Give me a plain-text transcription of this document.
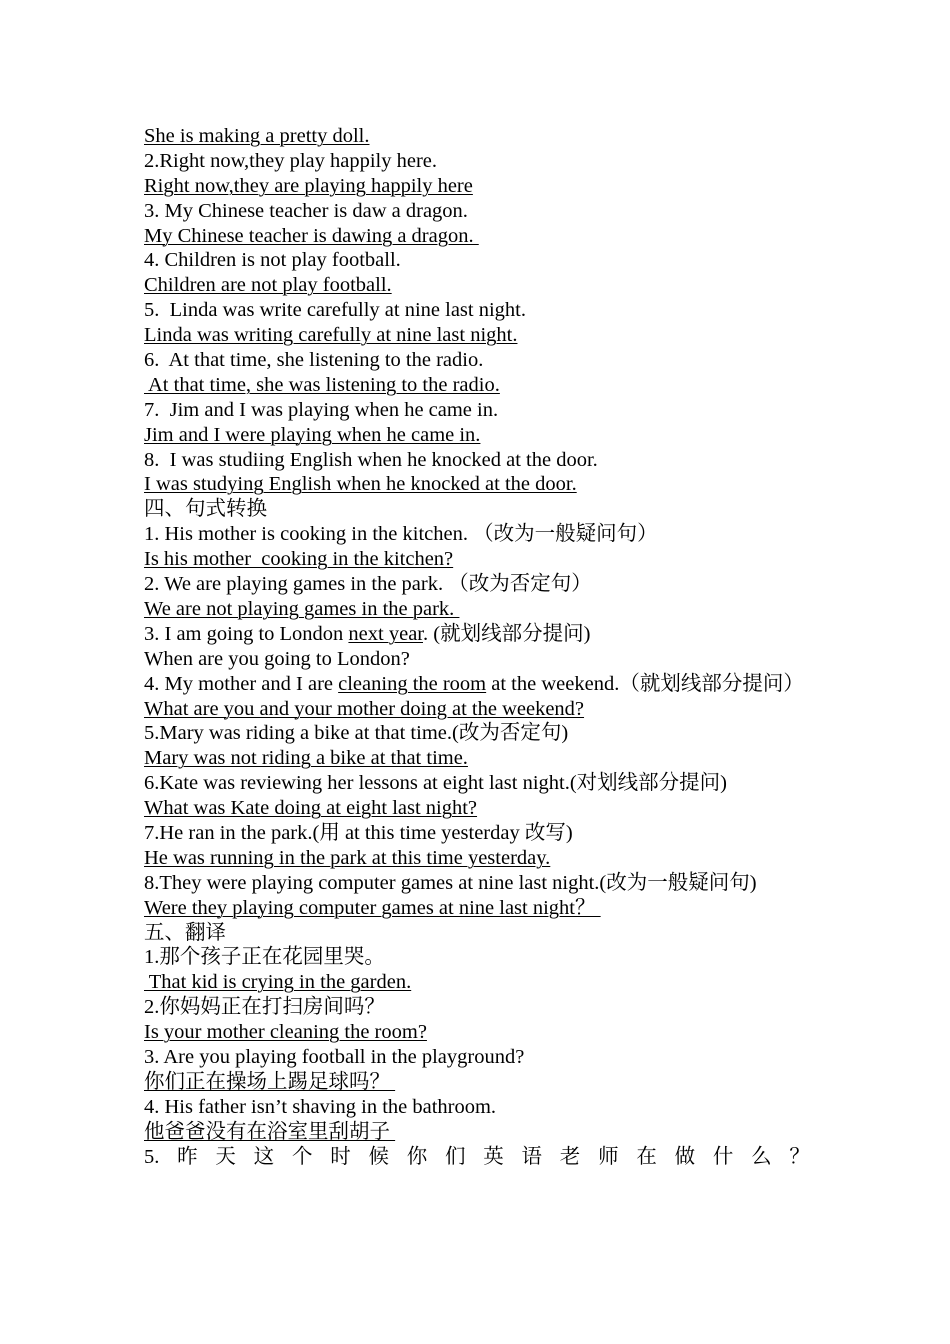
She is making a pretty doll.
2.Right now,they play happily here.
Right now,they are playing happily here
3. My Chinese teacher is daw a dragon.
My Chinese teacher is dawing a dragon.
4. Children is not play football.
Children are not play football.
5.  Linda was write carefully at nine last night.
Linda was writing carefully at nine last night.
6.  At that time, she listening to the radio.
At that time, she was listening to the radio.
7.  Jim and I was playing when he came in.
Jim and I were playing when he came in.
8.  I was studiing English when he knocked at the door.
I was studying English when he knocked at the door.
四、句式转换
1. His mother is cooking in the kitchen. （改为一般疑问句）
Is his mother  cooking in the kitchen?
2. We are playing games in the park. （改为否定句）
We are not playing games in the park.
3. I am going to London next year. (就划线部分提问)
When are you going to London?
4. My mother and I are cleaning the room at the weekend.（就划线部分提问）
What are you and your mother doing at the weekend?
5.Mary was riding a bike at that time.(改为否定句)
Mary was not riding a bike at that time.
6.Kate was reviewing her lessons at eight last night.(对划线部分提问)
What was Kate doing at eight last night?
7.He ran in the park.(用 at this time yesterday 改写)
He was running in the park at this time yesterday.
8.They were playing computer games at nine last night.(改为一般疑问句)
Were they playing computer games at nine last night？
五、翻译
1.那个孩子正在花园里哭。
That kid is crying in the garden.
2.你妈妈正在打扫房间吗？
Is your mother cleaning the room?
3. Are you playing football in the playground?
你们正在操场上踢足球吗？
4. His father isn’t shaving in the bathroom.
他爸爸没有在浴室里刮胡子
5. 昨 天 这 个 时 候 你 们 英 语 老 师 在 做 什 么 ？
